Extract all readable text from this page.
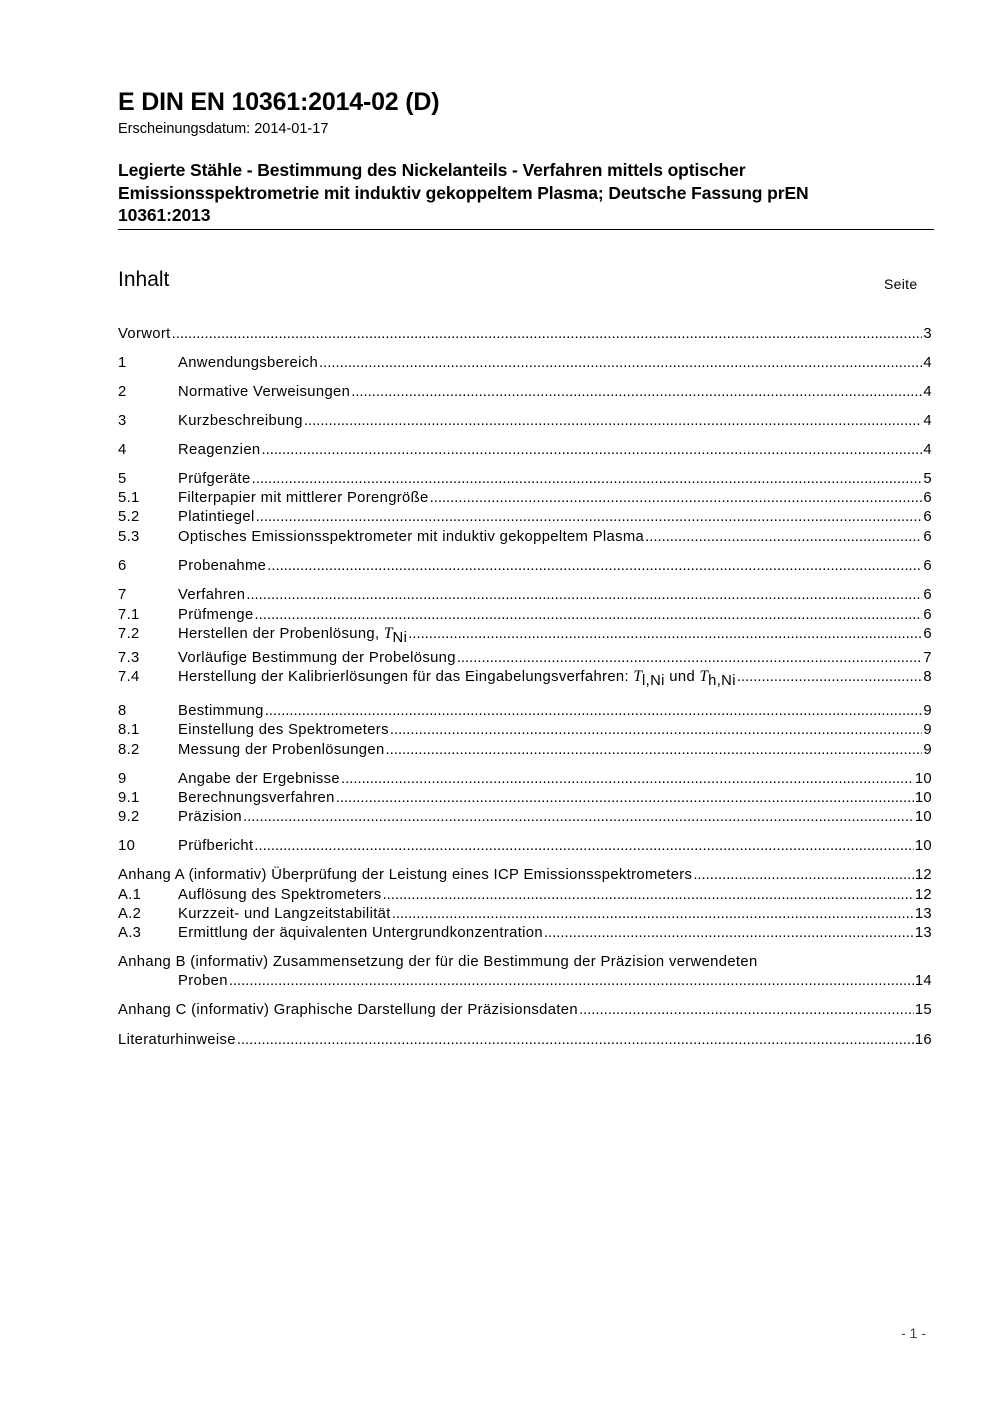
E DIN EN 10361:2014-02 (D)
Erscheinungsdatum: 2014-01-17
Legierte Stähle - Bestimmung des Nickelanteils - Verfahren mittels optischer
Emissionsspektrometrie mit induktiv gekoppeltem Plasma; Deutsche Fassung prEN
10361:2013
Inhalt	Seite
Vorwort .....	3
1	Anwendungsbereich .....	4
2	Normative Verweisungen .....	4
3	Kurzbeschreibung .....	4
4	Reagenzien .....	4
5	Prüfgeräte .....	5
5.1	Filterpapier mit mittlerer Porengröße .....	6
5.2	Platintiegel .....	6
5.3	Optisches Emissionsspektrometer mit induktiv gekoppeltem Plasma .....	6
6	Probenahme .....	6
7	Verfahren .....	6
7.1	Prüfmenge .....	6
7.2	Herstellen der Probenlösung, TNi .....	6
7.3	Vorläufige Bestimmung der Probelösung .....	7
7.4	Herstellung der Kalibrierlösungen für das Eingabelungsverfahren: Tl,Ni und Th,Ni .....	8
8	Bestimmung .....	9
8.1	Einstellung des Spektrometers .....	9
8.2	Messung der Probenlösungen .....	9
9	Angabe der Ergebnisse .....	10
9.1	Berechnungsverfahren .....	10
9.2	Präzision .....	10
10	Prüfbericht .....	10
Anhang A (informativ) Überprüfung der Leistung eines ICP Emissionsspektrometers .....	12
A.1	Auflösung des Spektrometers .....	12
A.2	Kurzzeit- und Langzeitstabilität .....	13
A.3	Ermittlung der äquivalenten Untergrundkonzentration .....	13
Anhang B (informativ) Zusammensetzung der für die Bestimmung der Präzision verwendeten
Proben .....	14
Anhang C (informativ) Graphische Darstellung der Präzisionsdaten .....	15
Literaturhinweise .....	16
- 1 -
